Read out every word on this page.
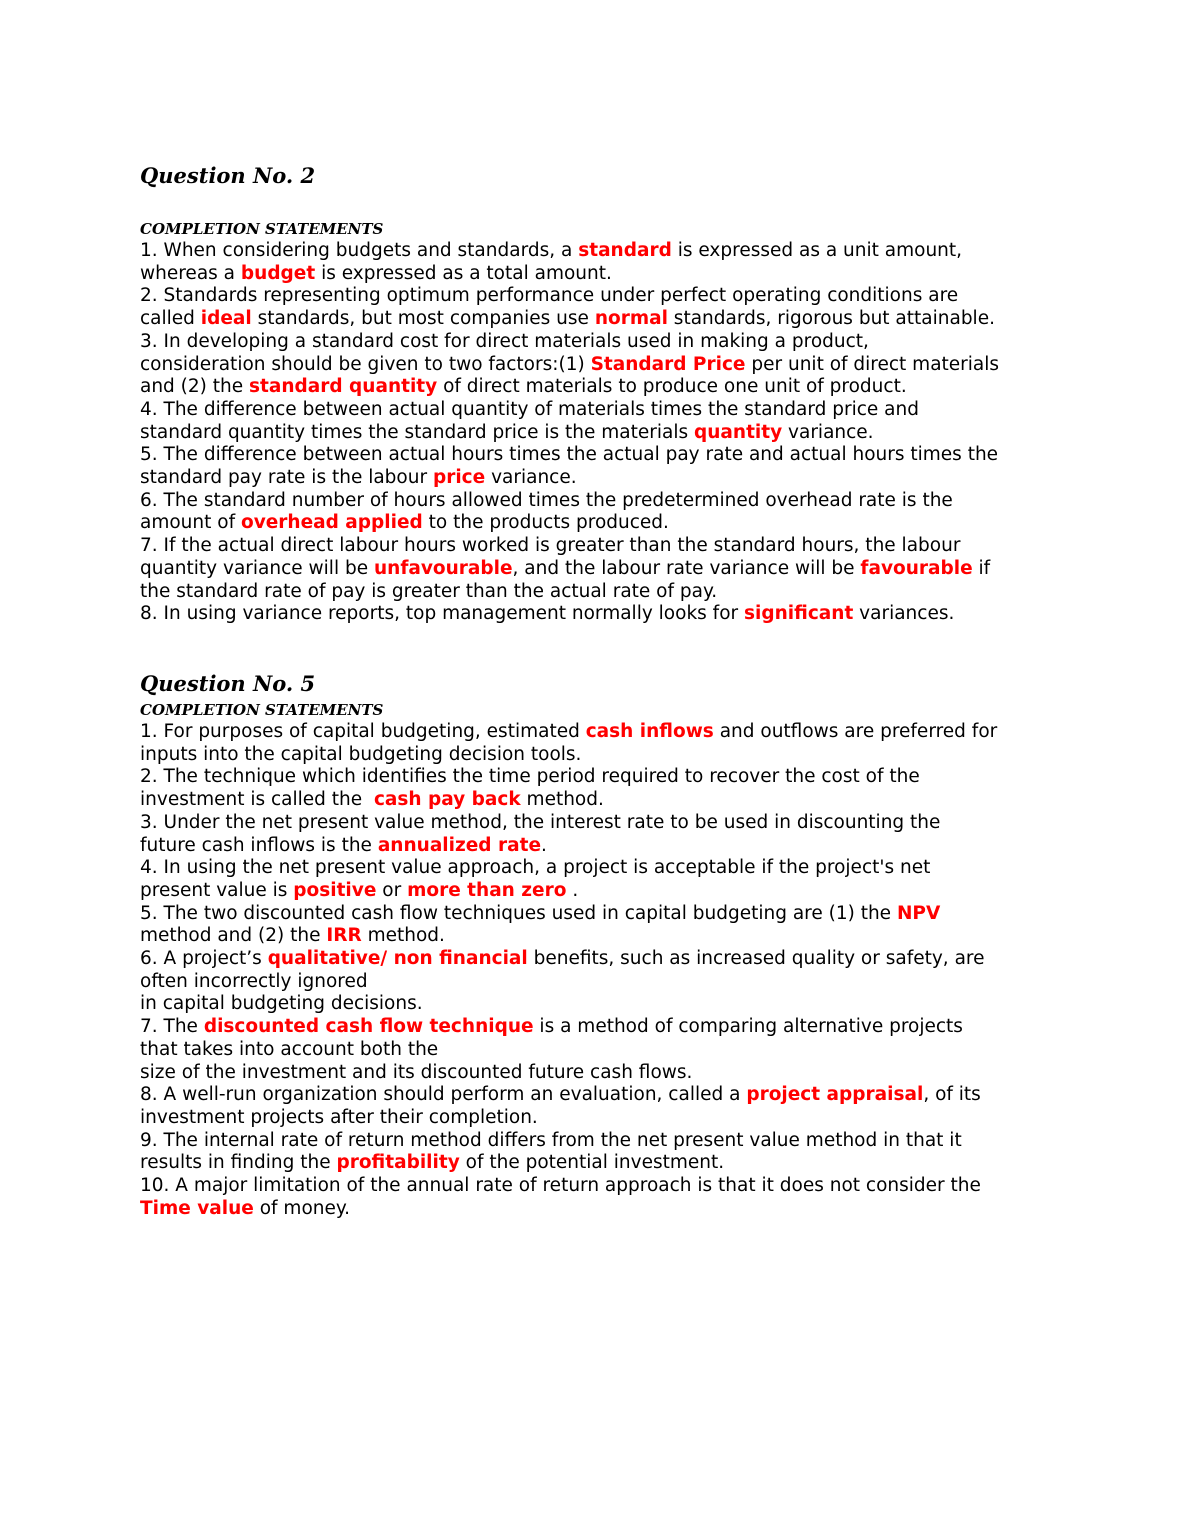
Question No. 2

COMPLETION STATEMENTS

1. When considering budgets and standards, a standard is expressed as a unit amount,
whereas a budget is expressed as a total amount.
2. Standards representing optimum performance under perfect operating conditions are
called ideal standards, but most companies use normal standards, rigorous but attainable.
3. In developing a standard cost for direct materials used in making a product,
consideration should be given to two factors:(1) Standard Price per unit of direct materials
and (2) the standard quantity of direct materials to produce one unit of product.
4. The difference between actual quantity of materials times the standard price and
standard quantity times the standard price is the materials quantity variance.
5. The difference between actual hours times the actual pay rate and actual hours times the
standard pay rate is the labour price variance.
6. The standard number of hours allowed times the predetermined overhead rate is the
amount of overhead applied to the products produced.
7. If the actual direct labour hours worked is greater than the standard hours, the labour
quantity variance will be unfavourable, and the labour rate variance will be favourable if
the standard rate of pay is greater than the actual rate of pay.
8. In using variance reports, top management normally looks for significant variances.

Question No. 5

COMPLETION STATEMENTS

1. For purposes of capital budgeting, estimated cash inflows and outflows are preferred for
inputs into the capital budgeting decision tools.
2. The technique which identifies the time period required to recover the cost of the
investment is called the  cash pay back method.
3. Under the net present value method, the interest rate to be used in discounting the
future cash inflows is the annualized rate.
4. In using the net present value approach, a project is acceptable if the project's net
present value is positive or more than zero .
5. The two discounted cash flow techniques used in capital budgeting are (1) the NPV
method and (2) the IRR method.
6. A project’s qualitative/ non financial benefits, such as increased quality or safety, are
often incorrectly ignored
in capital budgeting decisions.
7. The discounted cash flow technique is a method of comparing alternative projects
that takes into account both the
size of the investment and its discounted future cash flows.
8. A well-run organization should perform an evaluation, called a project appraisal, of its
investment projects after their completion.
9. The internal rate of return method differs from the net present value method in that it
results in finding the profitability of the potential investment.
10. A major limitation of the annual rate of return approach is that it does not consider the
Time value of money.
